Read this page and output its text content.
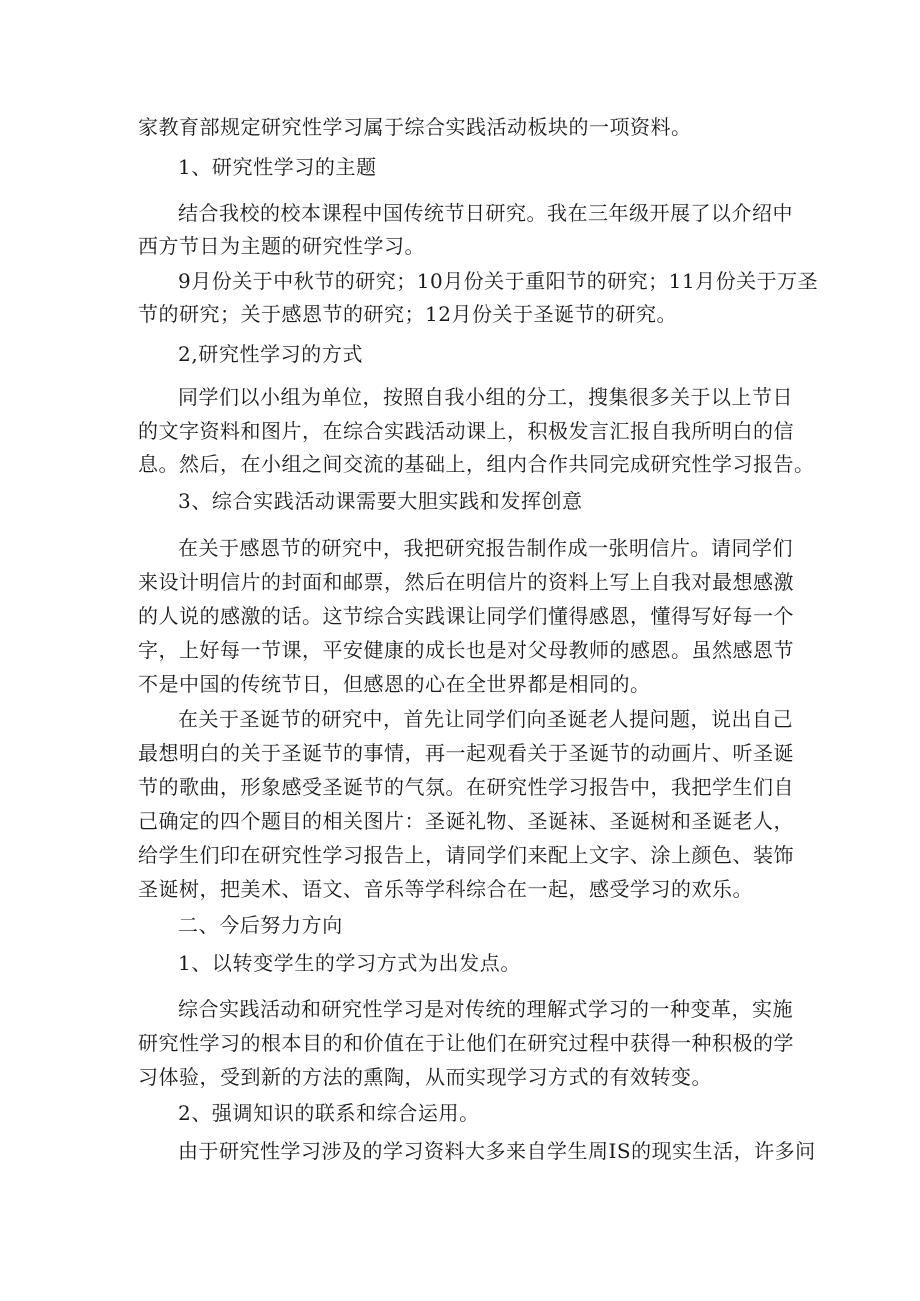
家教育部规定研究性学习属于综合实践活动板块的一项资料。
1、研究性学习的主题
结合我校的校本课程中国传统节日研究。我在三年级开展了以介绍中
西方节日为主题的研究性学习。
9月份关于中秋节的研究；10月份关于重阳节的研究；11月份关于万圣
节的研究；关于感恩节的研究；12月份关于圣诞节的研究。
2,研究性学习的方式
同学们以小组为单位，按照自我小组的分工，搜集很多关于以上节日
的文字资料和图片，在综合实践活动课上，积极发言汇报自我所明白的信
息。然后，在小组之间交流的基础上，组内合作共同完成研究性学习报告。
3、综合实践活动课需要大胆实践和发挥创意
在关于感恩节的研究中，我把研究报告制作成一张明信片。请同学们
来设计明信片的封面和邮票，然后在明信片的资料上写上自我对最想感激
的人说的感激的话。这节综合实践课让同学们懂得感恩，懂得写好每一个
字，上好每一节课，平安健康的成长也是对父母教师的感恩。虽然感恩节
不是中国的传统节日，但感恩的心在全世界都是相同的。
在关于圣诞节的研究中，首先让同学们向圣诞老人提问题，说出自己
最想明白的关于圣诞节的事情，再一起观看关于圣诞节的动画片、听圣诞
节的歌曲，形象感受圣诞节的气氛。在研究性学习报告中，我把学生们自
己确定的四个题目的相关图片：圣诞礼物、圣诞袜、圣诞树和圣诞老人，
给学生们印在研究性学习报告上，请同学们来配上文字、涂上颜色、装饰
圣诞树，把美术、语文、音乐等学科综合在一起，感受学习的欢乐。
二、今后努力方向
1、以转变学生的学习方式为出发点。
综合实践活动和研究性学习是对传统的理解式学习的一种变革，实施
研究性学习的根本目的和价值在于让他们在研究过程中获得一种积极的学
习体验，受到新的方法的熏陶，从而实现学习方式的有效转变。
2、强调知识的联系和综合运用。
由于研究性学习涉及的学习资料大多来自学生周IS的现实生活，许多问
